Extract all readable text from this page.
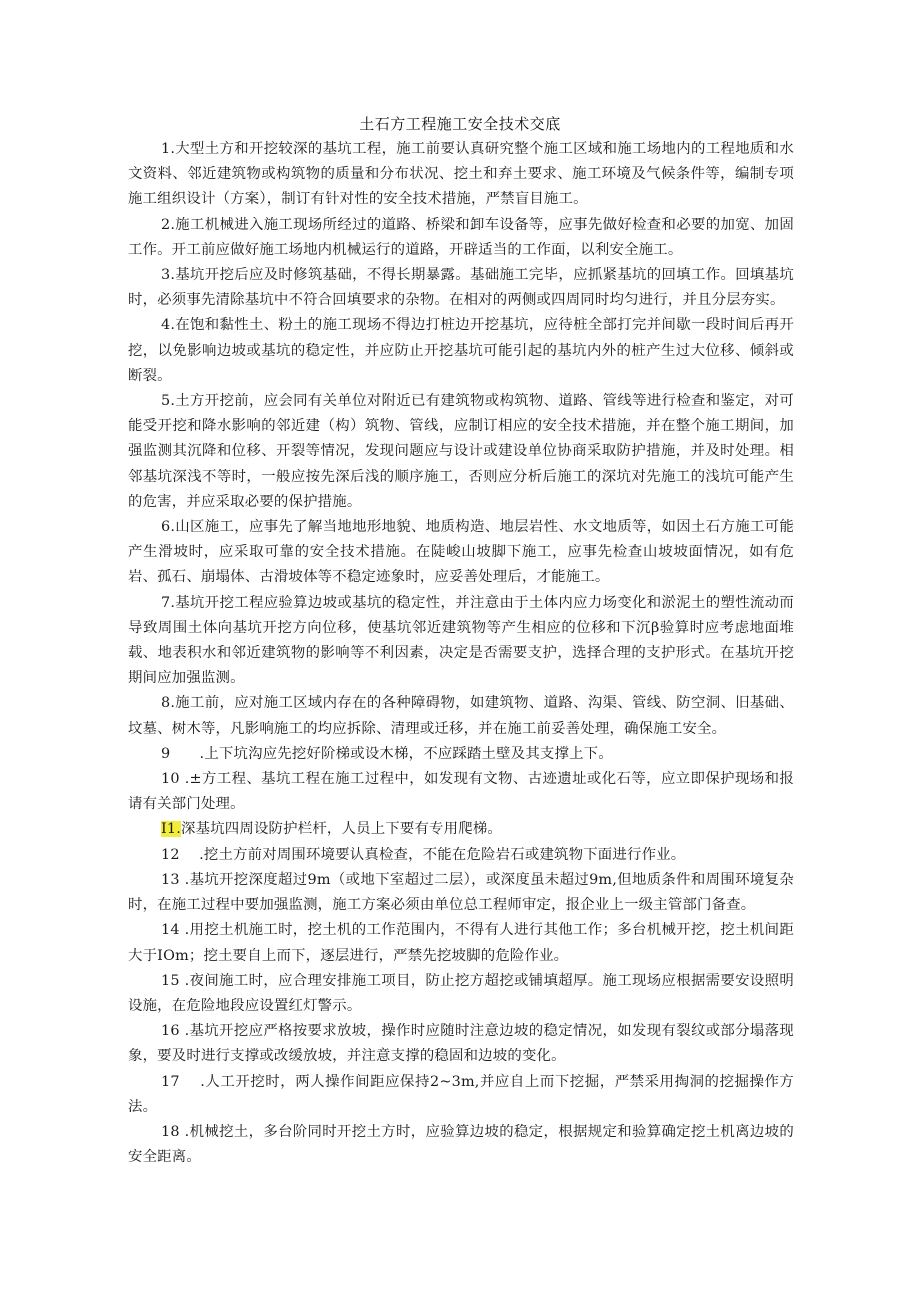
土石方工程施工安全技术交底

1.大型土方和开挖较深的基坑工程，施工前要认真研究整个施工区域和施工场地内的工程地质和水文资料、邻近建筑物或构筑物的质量和分布状况、挖土和弃土要求、施工环境及气候条件等，编制专项施工组织设计（方案），制订有针对性的安全技术措施，严禁盲目施工。

2.施工机械进入施工现场所经过的道路、桥梁和卸车设备等，应事先做好检查和必要的加宽、加固工作。开工前应做好施工场地内机械运行的道路，开辟适当的工作面，以利安全施工。

3.基坑开挖后应及时修筑基础，不得长期暴露。基础施工完毕，应抓紧基坑的回填工作。回填基坑时，必须事先清除基坑中不符合回填要求的杂物。在相对的两侧或四周同时均匀进行，并且分层夯实。

4.在饱和黏性土、粉土的施工现场不得边打桩边开挖基坑，应待桩全部打完并间歇一段时间后再开挖，以免影响边坡或基坑的稳定性，并应防止开挖基坑可能引起的基坑内外的桩产生过大位移、倾斜或断裂。

5.土方开挖前，应会同有关单位对附近已有建筑物或构筑物、道路、管线等进行检查和鉴定，对可能受开挖和降水影响的邻近建（构）筑物、管线，应制订相应的安全技术措施，并在整个施工期间，加强监测其沉降和位移、开裂等情况，发现问题应与设计或建设单位协商采取防护措施，并及时处理。相邻基坑深浅不等时，一般应按先深后浅的顺序施工，否则应分析后施工的深坑对先施工的浅坑可能产生的危害，并应采取必要的保护措施。

6.山区施工，应事先了解当地地形地貌、地质构造、地层岩性、水文地质等，如因土石方施工可能产生滑坡时，应采取可靠的安全技术措施。在陡峻山坡脚下施工，应事先检查山坡坡面情况，如有危岩、孤石、崩塌体、古滑坡体等不稳定迹象时，应妥善处理后，才能施工。

7.基坑开挖工程应验算边坡或基坑的稳定性，并注意由于土体内应力场变化和淤泥土的塑性流动而导致周围土体向基坑开挖方向位移，使基坑邻近建筑物等产生相应的位移和下沉β验算时应考虑地面堆载、地表积水和邻近建筑物的影响等不利因素，决定是否需要支护，选择合理的支护形式。在基坑开挖期间应加强监测。

8.施工前，应对施工区域内存在的各种障碍物，如建筑物、道路、沟渠、管线、防空洞、旧基础、坟墓、树木等，凡影响施工的均应拆除、清理或迁移，并在施工前妥善处理，确保施工安全。

9　　.上下坑沟应先挖好阶梯或设木梯，不应踩踏土壁及其支撑上下。

10 .±方工程、基坑工程在施工过程中，如发现有文物、古迹遗址或化石等，应立即保护现场和报请有关部门处理。

I1.深基坑四周设防护栏杆，人员上下要有专用爬梯。

12　 .挖土方前对周围环境要认真检查，不能在危险岩石或建筑物下面进行作业。

13 .基坑开挖深度超过9m（或地下室超过二层），或深度虽未超过9m,但地质条件和周围环境复杂时，在施工过程中要加强监测，施工方案必须由单位总工程师审定，报企业上一级主管部门备查。

14 .用挖土机施工时，挖土机的工作范围内，不得有人进行其他工作；多台机械开挖，挖土机间距大于IOm；挖土要自上而下，逐层进行，严禁先挖坡脚的危险作业。

15 .夜间施工时，应合理安排施工项目，防止挖方超挖或铺填超厚。施工现场应根据需要安设照明设施，在危险地段应设置红灯警示。

16 .基坑开挖应严格按要求放坡，操作时应随时注意边坡的稳定情况，如发现有裂纹或部分塌落现象，要及时进行支撑或改缓放坡，并注意支撑的稳固和边坡的变化。

17　 .人工开挖时，两人操作间距应保持2~3m,并应自上而下挖掘，严禁采用掏洞的挖掘操作方法。

18 .机械挖土，多台阶同时开挖土方时，应验算边坡的稳定，根据规定和验算确定挖土机离边坡的安全距离。
